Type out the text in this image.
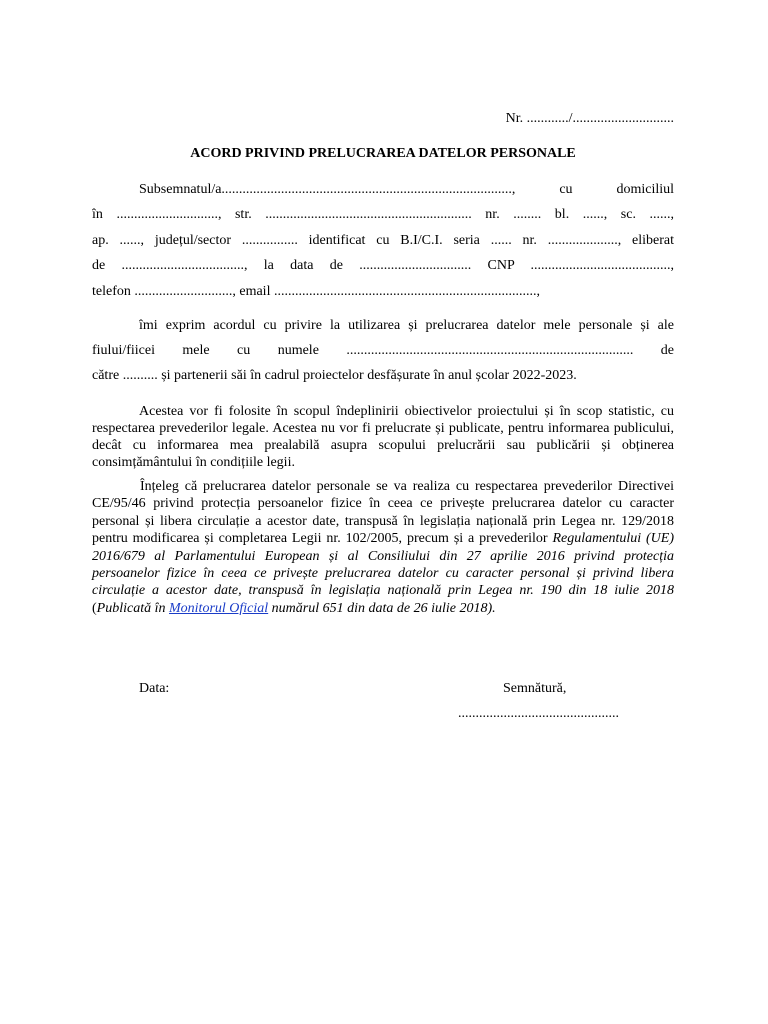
Nr. ............/.............................
ACORD PRIVIND PRELUCRAREA DATELOR PERSONALE
Subsemnatul/a..................................................................................., cu domiciliul
în ............................., str. ........................................................... nr. ........ bl. ......, sc. ......,
ap. ......, județul/sector ................ identificat cu B.I/C.I. seria ...... nr. ...................., eliberat
de ..................................., la data de ................................ CNP ........................................,
telefon ............................, email ...........................................................................,
îmi exprim acordul cu privire la utilizarea și prelucrarea datelor mele personale și ale
fiului/fiicei mele cu numele .................................................................................. de
către .......... și partenerii săi în cadrul proiectelor desfășurate în anul școlar 2022-2023.
Acestea vor fi folosite în scopul îndeplinirii obiectivelor proiectului și în scop statistic, cu respectarea prevederilor legale. Acestea nu vor fi prelucrate și publicate, pentru informarea publicului, decât cu informarea mea prealabilă asupra scopului prelucrării sau publicării și obținerea consimțământului în condițiile legii.
Înțeleg că prelucrarea datelor personale se va realiza cu respectarea prevederilor Directivei CE/95/46 privind protecția persoanelor fizice în ceea ce privește prelucrarea datelor cu caracter personal și libera circulație a acestor date, transpusă în legislația națională prin Legea nr. 129/2018 pentru modificarea și completarea Legii nr. 102/2005, precum și a prevederilor Regulamentului (UE) 2016/679 al Parlamentului European și al Consiliului din 27 aprilie 2016 privind protecția persoanelor fizice în ceea ce privește prelucrarea datelor cu caracter personal și privind libera circulație a acestor date, transpusă în legislația națională prin Legea nr. 190 din 18 iulie 2018 (Publicată în Monitorul Oficial numărul 651 din data de 26 iulie 2018).
Data:	Semnătură,
..............................................
